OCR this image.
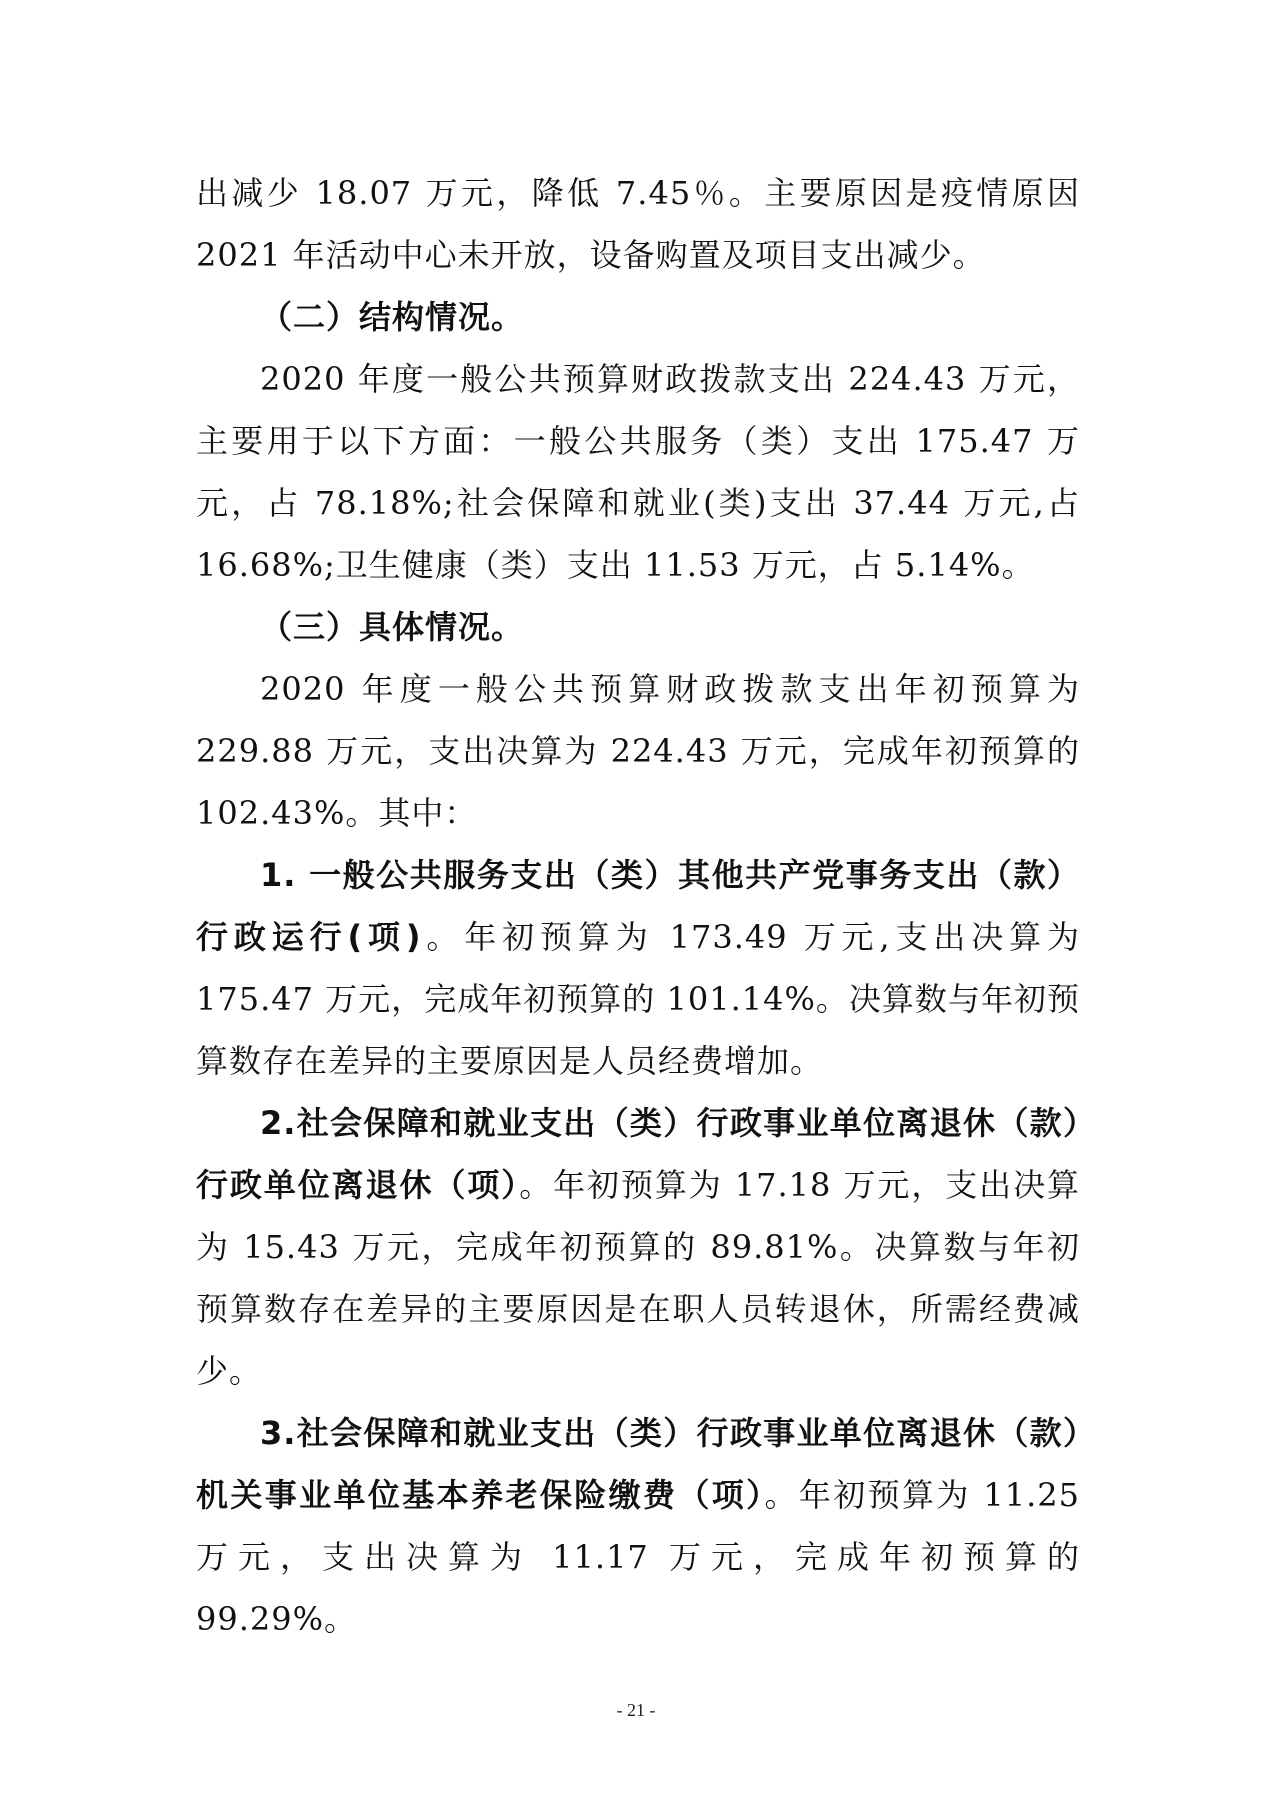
出减少 18.07 万元，降低 7.45％。主要原因是疫情原因 2021 年活动中心未开放，设备购置及项目支出减少。

（二）结构情况。

2020 年度一般公共预算财政拨款支出 224.43 万元，主要用于以下方面：一般公共服务（类）支出 175.47 万元，占 78.18%;社会保障和就业(类)支出 37.44 万元,占 16.68%;卫生健康（类）支出 11.53 万元，占 5.14%。

（三）具体情况。

2020 年度一般公共预算财政拨款支出年初预算为 229.88 万元，支出决算为 224.43 万元，完成年初预算的 102.43%。其中：

1. 一般公共服务支出（类）其他共产党事务支出（款）行政运行(项)。年初预算为 173.49 万元,支出决算为 175.47 万元，完成年初预算的 101.14%。决算数与年初预算数存在差异的主要原因是人员经费增加。

2.社会保障和就业支出（类）行政事业单位离退休（款）行政单位离退休（项）。年初预算为 17.18 万元，支出决算为 15.43 万元，完成年初预算的 89.81%。决算数与年初预算数存在差异的主要原因是在职人员转退休，所需经费减少。

3.社会保障和就业支出（类）行政事业单位离退休（款）机关事业单位基本养老保险缴费（项）。年初预算为 11.25 万元，支出决算为 11.17 万元，完成年初预算的 99.29%。

- 21 -
